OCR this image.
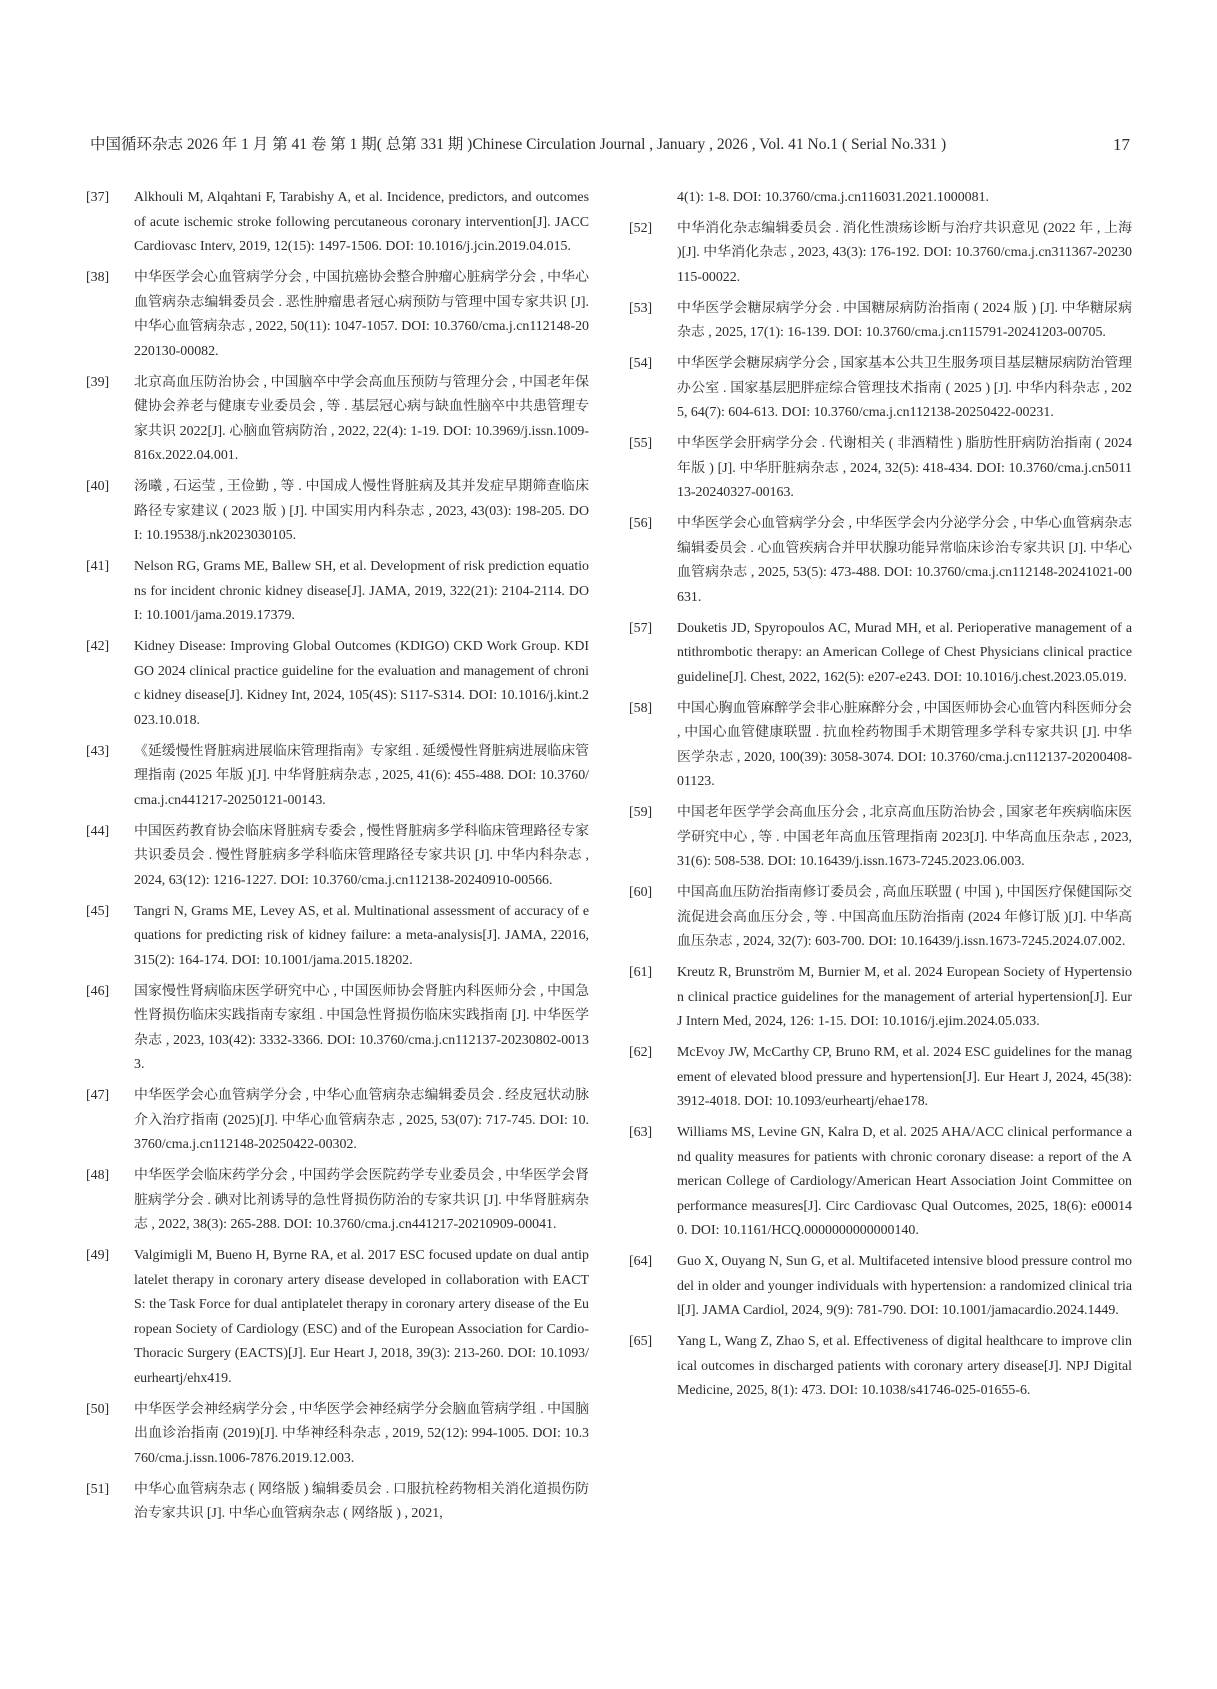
中国循环杂志 2026 年 1 月 第 41 卷 第 1 期( 总第 331 期 )Chinese Circulation Journal , January , 2026 , Vol. 41 No.1 ( Serial No.331 )	17
[37]	Alkhouli M, Alqahtani F, Tarabishy A, et al. Incidence, predictors, and outcomes of acute ischemic stroke following percutaneous coronary intervention[J]. JACC Cardiovasc Interv, 2019, 12(15): 1497-1506. DOI: 10.1016/j.jcin.2019.04.015.
[38]	中华医学会心血管病学分会 , 中国抗癌协会整合肿瘤心脏病学分会 , 中华心血管病杂志编辑委员会 . 恶性肿瘤患者冠心病预防与管理中国专家共识 [J]. 中华心血管病杂志 , 2022, 50(11): 1047-1057. DOI: 10.3760/cma.j.cn112148-20220130-00082.
[39]	北京高血压防治协会 , 中国脑卒中学会高血压预防与管理分会 , 中国老年保健协会养老与健康专业委员会 , 等 . 基层冠心病与缺血性脑卒中共患管理专家共识 2022[J]. 心脑血管病防治 , 2022, 22(4): 1-19. DOI: 10.3969/j.issn.1009-816x.2022.04.001.
[40]	汤曦 , 石运莹 , 王俭勤 , 等 . 中国成人慢性肾脏病及其并发症早期筛查临床路径专家建议 ( 2023 版 ) [J]. 中国实用内科杂志 , 2023, 43(03): 198-205. DOI: 10.19538/j.nk2023030105.
[41]	Nelson RG, Grams ME, Ballew SH, et al. Development of risk prediction equations for incident chronic kidney disease[J]. JAMA, 2019, 322(21): 2104-2114. DOI: 10.1001/jama.2019.17379.
[42]	Kidney Disease: Improving Global Outcomes (KDIGO) CKD Work Group. KDIGO 2024 clinical practice guideline for the evaluation and management of chronic kidney disease[J]. Kidney Int, 2024, 105(4S): S117-S314. DOI: 10.1016/j.kint.2023.10.018.
[43]	《延缓慢性肾脏病进展临床管理指南》专家组 . 延缓慢性肾脏病进展临床管理指南 (2025 年版 )[J]. 中华肾脏病杂志 , 2025, 41(6): 455-488. DOI: 10.3760/cma.j.cn441217-20250121-00143.
[44]	中国医药教育协会临床肾脏病专委会 , 慢性肾脏病多学科临床管理路径专家共识委员会 . 慢性肾脏病多学科临床管理路径专家共识 [J]. 中华内科杂志 , 2024, 63(12): 1216-1227. DOI: 10.3760/cma.j.cn112138-20240910-00566.
[45]	Tangri N, Grams ME, Levey AS, et al. Multinational assessment of accuracy of equations for predicting risk of kidney failure: a meta-analysis[J]. JAMA, 22016, 315(2): 164-174. DOI: 10.1001/jama.2015.18202.
[46]	国家慢性肾病临床医学研究中心 , 中国医师协会肾脏内科医师分会 , 中国急性肾损伤临床实践指南专家组 . 中国急性肾损伤临床实践指南 [J]. 中华医学杂志 , 2023, 103(42): 3332-3366. DOI: 10.3760/cma.j.cn112137-20230802-00133.
[47]	中华医学会心血管病学分会 , 中华心血管病杂志编辑委员会 . 经皮冠状动脉介入治疗指南 (2025)[J]. 中华心血管病杂志 , 2025, 53(07): 717-745. DOI: 10.3760/cma.j.cn112148-20250422-00302.
[48]	中华医学会临床药学分会 , 中国药学会医院药学专业委员会 , 中华医学会肾脏病学分会 . 碘对比剂诱导的急性肾损伤防治的专家共识 [J]. 中华肾脏病杂志 , 2022, 38(3): 265-288. DOI: 10.3760/cma.j.cn441217-20210909-00041.
[49]	Valgimigli M, Bueno H, Byrne RA, et al. 2017 ESC focused update on dual antiplatelet therapy in coronary artery disease developed in collaboration with EACTS: the Task Force for dual antiplatelet therapy in coronary artery disease of the European Society of Cardiology (ESC) and of the European Association for Cardio-Thoracic Surgery (EACTS)[J]. Eur Heart J, 2018, 39(3): 213-260. DOI: 10.1093/eurheartj/ehx419.
[50]	中华医学会神经病学分会 , 中华医学会神经病学分会脑血管病学组 . 中国脑出血诊治指南 (2019)[J]. 中华神经科杂志 , 2019, 52(12): 994-1005. DOI: 10.3760/cma.j.issn.1006-7876.2019.12.003.
[51]	中华心血管病杂志 ( 网络版 ) 编辑委员会 . 口服抗栓药物相关消化道损伤防治专家共识 [J]. 中华心血管病杂志 ( 网络版 ) , 2021,
4(1): 1-8. DOI: 10.3760/cma.j.cn116031.2021.1000081.
[52]	中华消化杂志编辑委员会 . 消化性溃疡诊断与治疗共识意见 (2022 年 , 上海 )[J]. 中华消化杂志 , 2023, 43(3): 176-192. DOI: 10.3760/cma.j.cn311367-20230115-00022.
[53]	中华医学会糖尿病学分会 . 中国糖尿病防治指南 ( 2024 版 ) [J]. 中华糖尿病杂志 , 2025, 17(1): 16-139. DOI: 10.3760/cma.j.cn115791-20241203-00705.
[54]	中华医学会糖尿病学分会 , 国家基本公共卫生服务项目基层糖尿病防治管理办公室 . 国家基层肥胖症综合管理技术指南 ( 2025 ) [J]. 中华内科杂志 , 2025, 64(7): 604-613. DOI: 10.3760/cma.j.cn112138-20250422-00231.
[55]	中华医学会肝病学分会 . 代谢相关 ( 非酒精性 ) 脂肪性肝病防治指南 ( 2024 年版 ) [J]. 中华肝脏病杂志 , 2024, 32(5): 418-434. DOI: 10.3760/cma.j.cn501113-20240327-00163.
[56]	中华医学会心血管病学分会 , 中华医学会内分泌学分会 , 中华心血管病杂志编辑委员会 . 心血管疾病合并甲状腺功能异常临床诊治专家共识 [J]. 中华心血管病杂志 , 2025, 53(5): 473-488. DOI: 10.3760/cma.j.cn112148-20241021-00631.
[57]	Douketis JD, Spyropoulos AC, Murad MH, et al. Perioperative management of antithrombotic therapy: an American College of Chest Physicians clinical practice guideline[J]. Chest, 2022, 162(5): e207-e243. DOI: 10.1016/j.chest.2023.05.019.
[58]	中国心胸血管麻醉学会非心脏麻醉分会 , 中国医师协会心血管内科医师分会 , 中国心血管健康联盟 . 抗血栓药物围手术期管理多学科专家共识 [J]. 中华医学杂志 , 2020, 100(39): 3058-3074. DOI: 10.3760/cma.j.cn112137-20200408-01123.
[59]	中国老年医学学会高血压分会 , 北京高血压防治协会 , 国家老年疾病临床医学研究中心 , 等 . 中国老年高血压管理指南 2023[J]. 中华高血压杂志 , 2023, 31(6): 508-538. DOI: 10.16439/j.issn.1673-7245.2023.06.003.
[60]	中国高血压防治指南修订委员会 , 高血压联盟 ( 中国 ), 中国医疗保健国际交流促进会高血压分会 , 等 . 中国高血压防治指南 (2024 年修订版 )[J]. 中华高血压杂志 , 2024, 32(7): 603-700. DOI: 10.16439/j.issn.1673-7245.2024.07.002.
[61]	Kreutz R, Brunström M, Burnier M, et al. 2024 European Society of Hypertension clinical practice guidelines for the management of arterial hypertension[J]. Eur J Intern Med, 2024, 126: 1-15. DOI: 10.1016/j.ejim.2024.05.033.
[62]	McEvoy JW, McCarthy CP, Bruno RM, et al. 2024 ESC guidelines for the management of elevated blood pressure and hypertension[J]. Eur Heart J, 2024, 45(38): 3912-4018. DOI: 10.1093/eurheartj/ehae178.
[63]	Williams MS, Levine GN, Kalra D, et al. 2025 AHA/ACC clinical performance and quality measures for patients with chronic coronary disease: a report of the American College of Cardiology/American Heart Association Joint Committee on performance measures[J]. Circ Cardiovasc Qual Outcomes, 2025, 18(6): e000140. DOI: 10.1161/HCQ.0000000000000140.
[64]	Guo X, Ouyang N, Sun G, et al. Multifaceted intensive blood pressure control model in older and younger individuals with hypertension: a randomized clinical trial[J]. JAMA Cardiol, 2024, 9(9): 781-790. DOI: 10.1001/jamacardio.2024.1449.
[65]	Yang L, Wang Z, Zhao S, et al. Effectiveness of digital healthcare to improve clinical outcomes in discharged patients with coronary artery disease[J]. NPJ Digital Medicine, 2025, 8(1): 473. DOI: 10.1038/s41746-025-01655-6.
